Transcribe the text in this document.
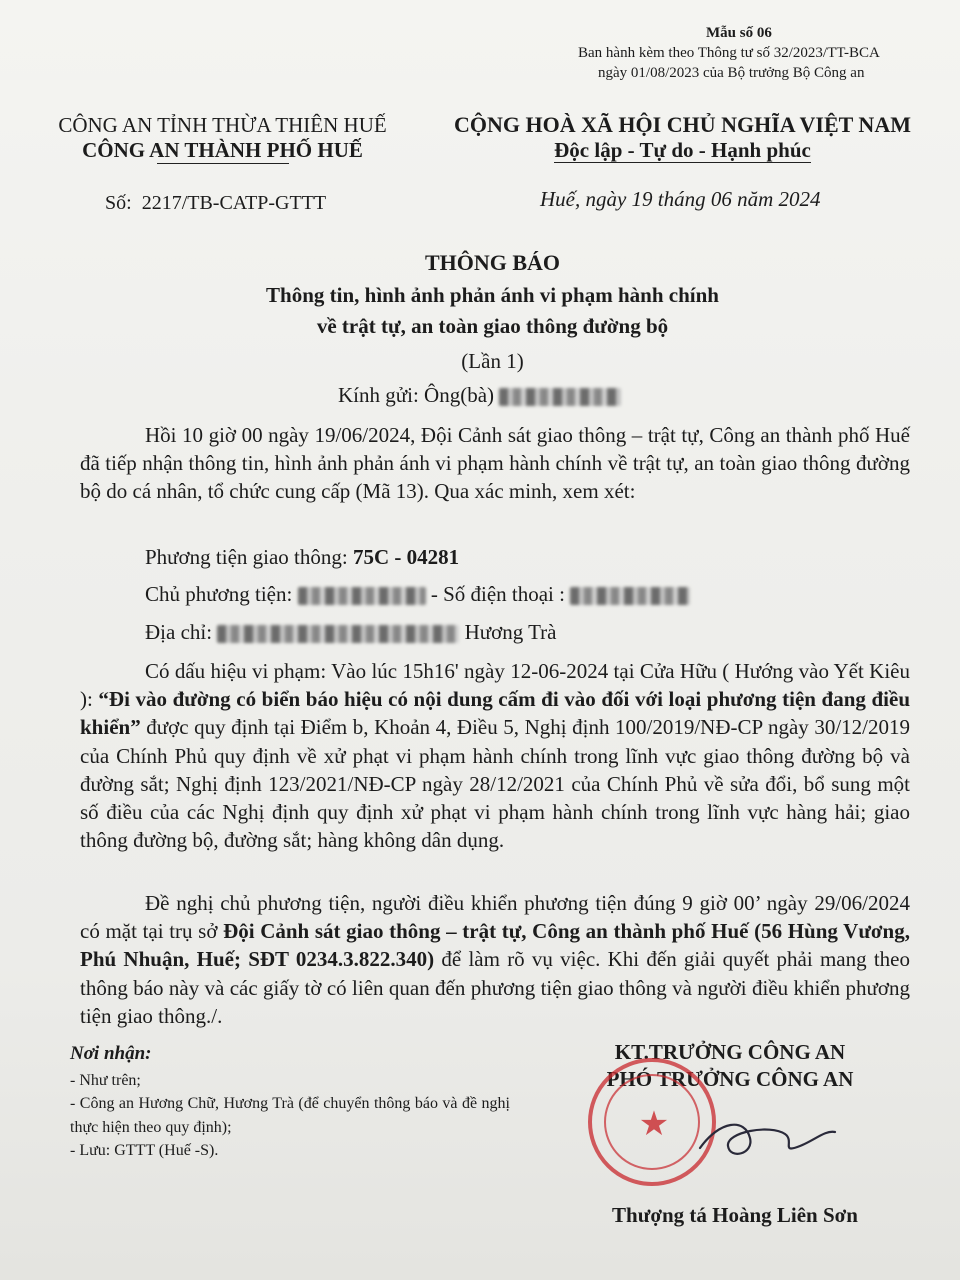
Mẫu số 06
Ban hành kèm theo Thông tư số 32/2023/TT-BCA
ngày 01/08/2023 của Bộ trưởng Bộ Công an
CÔNG AN TỈNH THỪA THIÊN HUẾ
CÔNG AN THÀNH PHỐ HUẾ
CỘNG HOÀ XÃ HỘI CHỦ NGHĨA VIỆT NAM
Độc lập - Tự do - Hạnh phúc
Số: 2217/TB-CATP-GTTT	Huế, ngày 19 tháng 06 năm 2024
THÔNG BÁO
Thông tin, hình ảnh phản ánh vi phạm hành chính
về trật tự, an toàn giao thông đường bộ
(Lần 1)
Kính gửi: Ông(bà)
Hồi 10 giờ 00 ngày 19/06/2024, Đội Cảnh sát giao thông – trật tự, Công an thành phố Huế đã tiếp nhận thông tin, hình ảnh phản ánh vi phạm hành chính về trật tự, an toàn giao thông đường bộ do cá nhân, tổ chức cung cấp (Mã 13). Qua xác minh, xem xét:
Phương tiện giao thông: 75C - 04281
Chủ phương tiện:	- Số điện thoại :
Địa chỉ:	Hương Trà
Có dấu hiệu vi phạm: Vào lúc 15h16' ngày 12-06-2024 tại Cửa Hữu ( Hướng vào Yết Kiêu ): “Đi vào đường có biển báo hiệu có nội dung cấm đi vào đối với loại phương tiện đang điều khiển” được quy định tại Điểm b, Khoản 4, Điều 5, Nghị định 100/2019/NĐ-CP ngày 30/12/2019 của Chính Phủ quy định về xử phạt vi phạm hành chính trong lĩnh vực giao thông đường bộ và đường sắt; Nghị định 123/2021/NĐ-CP ngày 28/12/2021 của Chính Phủ về sửa đổi, bổ sung một số điều của các Nghị định quy định xử phạt vi phạm hành chính trong lĩnh vực hàng hải; giao thông đường bộ, đường sắt; hàng không dân dụng.
Đề nghị chủ phương tiện, người điều khiển phương tiện đúng 9 giờ 00’ ngày 29/06/2024 có mặt tại trụ sở Đội Cảnh sát giao thông – trật tự, Công an thành phố Huế (56 Hùng Vương, Phú Nhuận, Huế; SĐT 0234.3.822.340) để làm rõ vụ việc. Khi đến giải quyết phải mang theo thông báo này và các giấy tờ có liên quan đến phương tiện giao thông và người điều khiển phương tiện giao thông./.
Nơi nhận:
- Như trên;
- Công an Hương Chữ, Hương Trà (để chuyển thông báo và đề nghị thực hiện theo quy định);
- Lưu: GTTT (Huế -S).
KT.TRƯỞNG CÔNG AN
PHÓ TRƯỞNG CÔNG AN
★
Thượng tá Hoàng Liên Sơn
